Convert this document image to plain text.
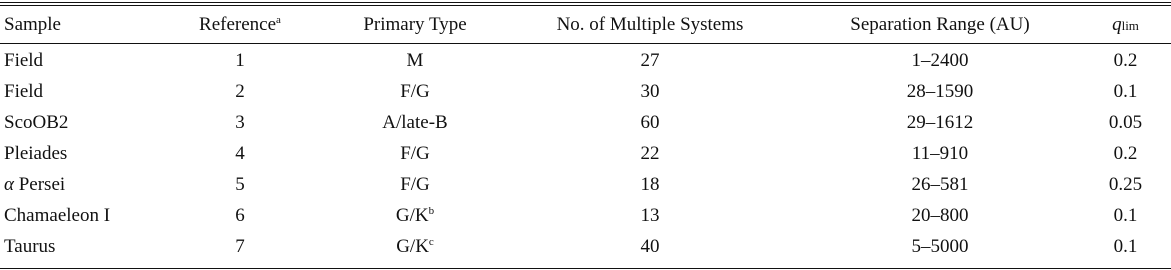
Sample	Reference$^a$	Primary Type	No. of Multiple Systems	Separation Range (AU)	qlim
Field	1	M	27	1–2400	0.2
Field	2	F/G	30	28–1590	0.1
ScoOB2	3	A/late-B	60	29–1612	0.05
Pleiades	4	F/G	22	11–910	0.2
α Persei	5	F/G	18	26–581	0.25
Chamaeleon I	6	$G/K^b$	13	20–800	0.1
Taurus	7	$G/K^c$	40	5–5000	0.1
